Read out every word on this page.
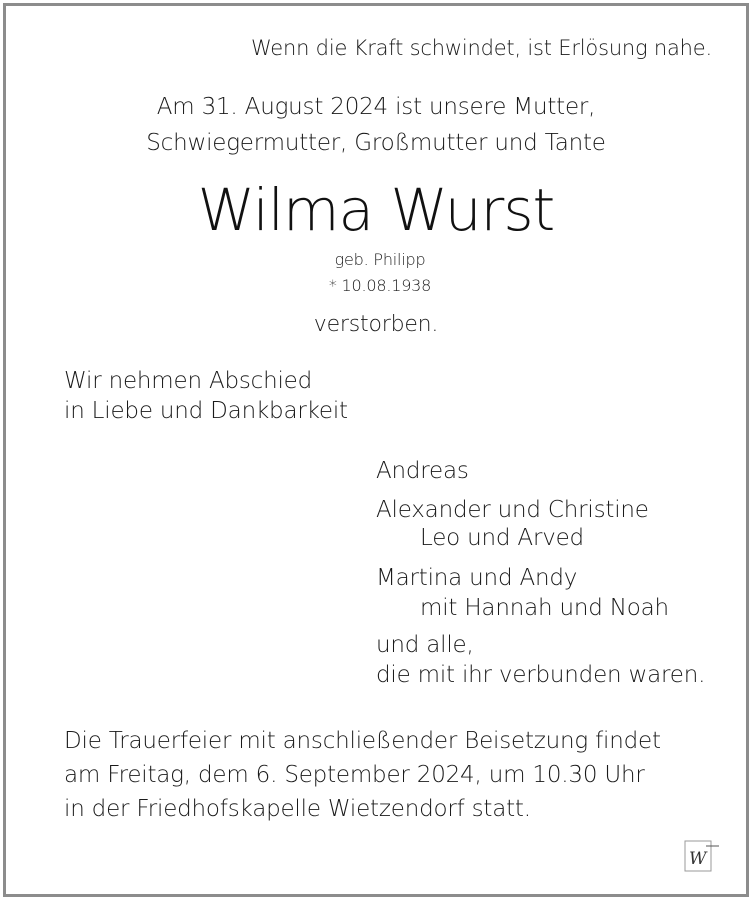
Wenn die Kraft schwindet, ist Erlösung nahe.
Am 31. August 2024 ist unsere Mutter,
Schwiegermutter, Großmutter und Tante
Wilma Wurst
geb. Philipp
* 10.08.1938
verstorben.
Wir nehmen Abschied
in Liebe und Dankbarkeit
Andreas
Alexander und Christine
Leo und Arved
Martina und Andy
mit Hannah und Noah
und alle,
die mit ihr verbunden waren.
Die Trauerfeier mit anschließender Beisetzung findet
am Freitag, dem 6. September 2024, um 10.30 Uhr
in der Friedhofskapelle Wietzendorf statt.
W
